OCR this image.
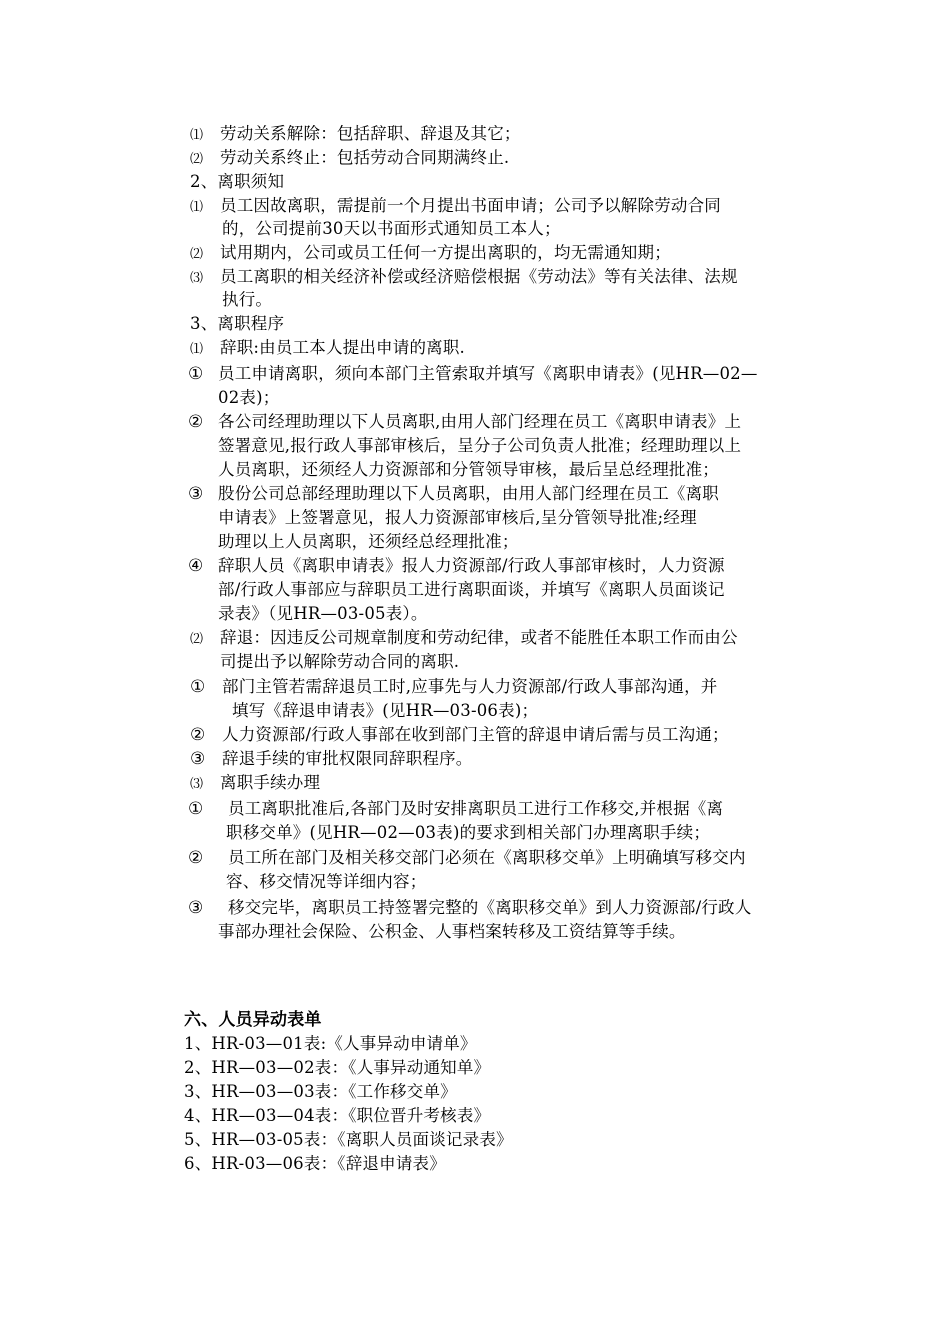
⑴ 劳动关系解除：包括辞职、辞退及其它；
⑵ 劳动关系终止：包括劳动合同期满终止.
2、离职须知
⑴ 员工因故离职，需提前一个月提出书面申请；公司予以解除劳动合同
的，公司提前30天以书面形式通知员工本人；
⑵ 试用期内，公司或员工任何一方提出离职的，均无需通知期；
⑶ 员工离职的相关经济补偿或经济赔偿根据《劳动法》等有关法律、法规
执行。
3、离职程序
⑴ 辞职:由员工本人提出申请的离职.
① 员工申请离职，须向本部门主管索取并填写《离职申请表》(见HR—02—
02表)；
② 各公司经理助理以下人员离职,由用人部门经理在员工《离职申请表》上
签署意见,报行政人事部审核后，呈分子公司负责人批准；经理助理以上
人员离职，还须经人力资源部和分管领导审核，最后呈总经理批准；
③ 股份公司总部经理助理以下人员离职，由用人部门经理在员工《离职
申请表》上签署意见，报人力资源部审核后,呈分管领导批准;经理
助理以上人员离职，还须经总经理批准；
④ 辞职人员《离职申请表》报人力资源部/行政人事部审核时，人力资源
部/行政人事部应与辞职员工进行离职面谈，并填写《离职人员面谈记
录表》（见HR—03-05表）。
⑵ 辞退：因违反公司规章制度和劳动纪律，或者不能胜任本职工作而由公
司提出予以解除劳动合同的离职.
① 部门主管若需辞退员工时,应事先与人力资源部/行政人事部沟通，并
填写《辞退申请表》(见HR—03-06表)；
② 人力资源部/行政人事部在收到部门主管的辞退申请后需与员工沟通；
③ 辞退手续的审批权限同辞职程序。
⑶ 离职手续办理
① 员工离职批准后,各部门及时安排离职员工进行工作移交,并根据《离
职移交单》(见HR—02—03表)的要求到相关部门办理离职手续；
② 员工所在部门及相关移交部门必须在《离职移交单》上明确填写移交内
容、移交情况等详细内容；
③ 移交完毕，离职员工持签署完整的《离职移交单》到人力资源部/行政人
事部办理社会保险、公积金、人事档案转移及工资结算等手续。
六、人员异动表单
1、HR-03—01表:《人事异动申请单》
2、HR—03—02表：《人事异动通知单》
3、HR—03—03表：《工作移交单》
4、HR—03—04表：《职位晋升考核表》
5、HR—03-05表：《离职人员面谈记录表》
6、HR-03—06表：《辞退申请表》
